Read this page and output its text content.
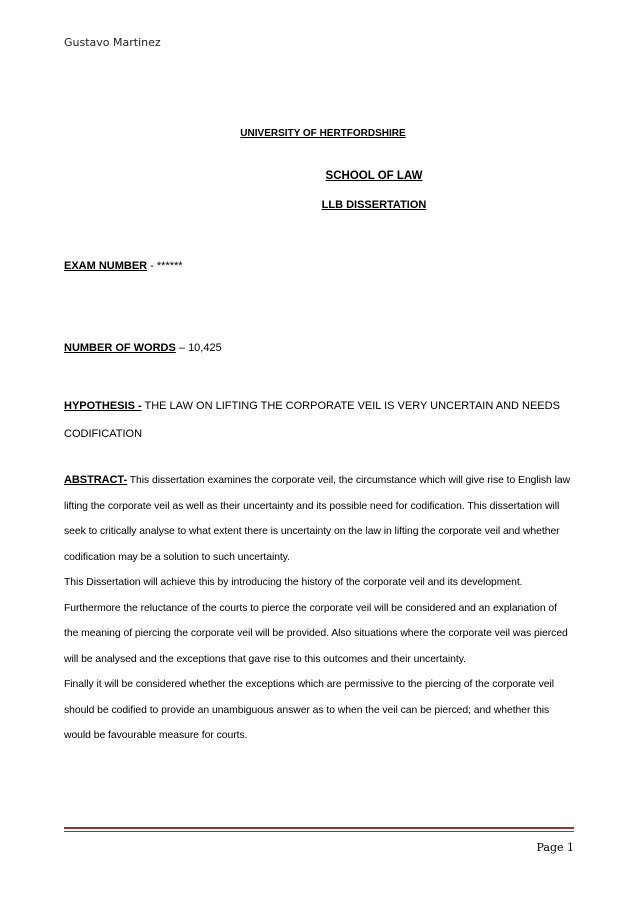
Gustavo Martinez
UNIVERSITY OF HERTFORDSHIRE
SCHOOL OF LAW
LLB DISSERTATION
EXAM NUMBER - ******
NUMBER OF WORDS – 10,425
HYPOTHESIS - THE LAW ON LIFTING THE CORPORATE VEIL IS VERY UNCERTAIN AND NEEDS CODIFICATION

ABSTRACT- This dissertation examines the corporate veil, the circumstance which will give rise to English law lifting the corporate veil as well as their uncertainty and its possible need for codification. This dissertation will seek to critically analyse to what extent there is uncertainty on the law in lifting the corporate veil and whether codification may be a solution to such uncertainty.

This Dissertation will achieve this by introducing the history of the corporate veil and its development. Furthermore the reluctance of the courts to pierce the corporate veil will be considered and an explanation of the meaning of piercing the corporate veil will be provided. Also situations where the corporate veil was pierced will be analysed and the exceptions that gave rise to this outcomes and their uncertainty.

Finally it will be considered whether the exceptions which are permissive to the piercing of the corporate veil should be codified to provide an unambiguous answer as to when the veil can be pierced; and whether this would be favourable measure for courts.

Page 1
